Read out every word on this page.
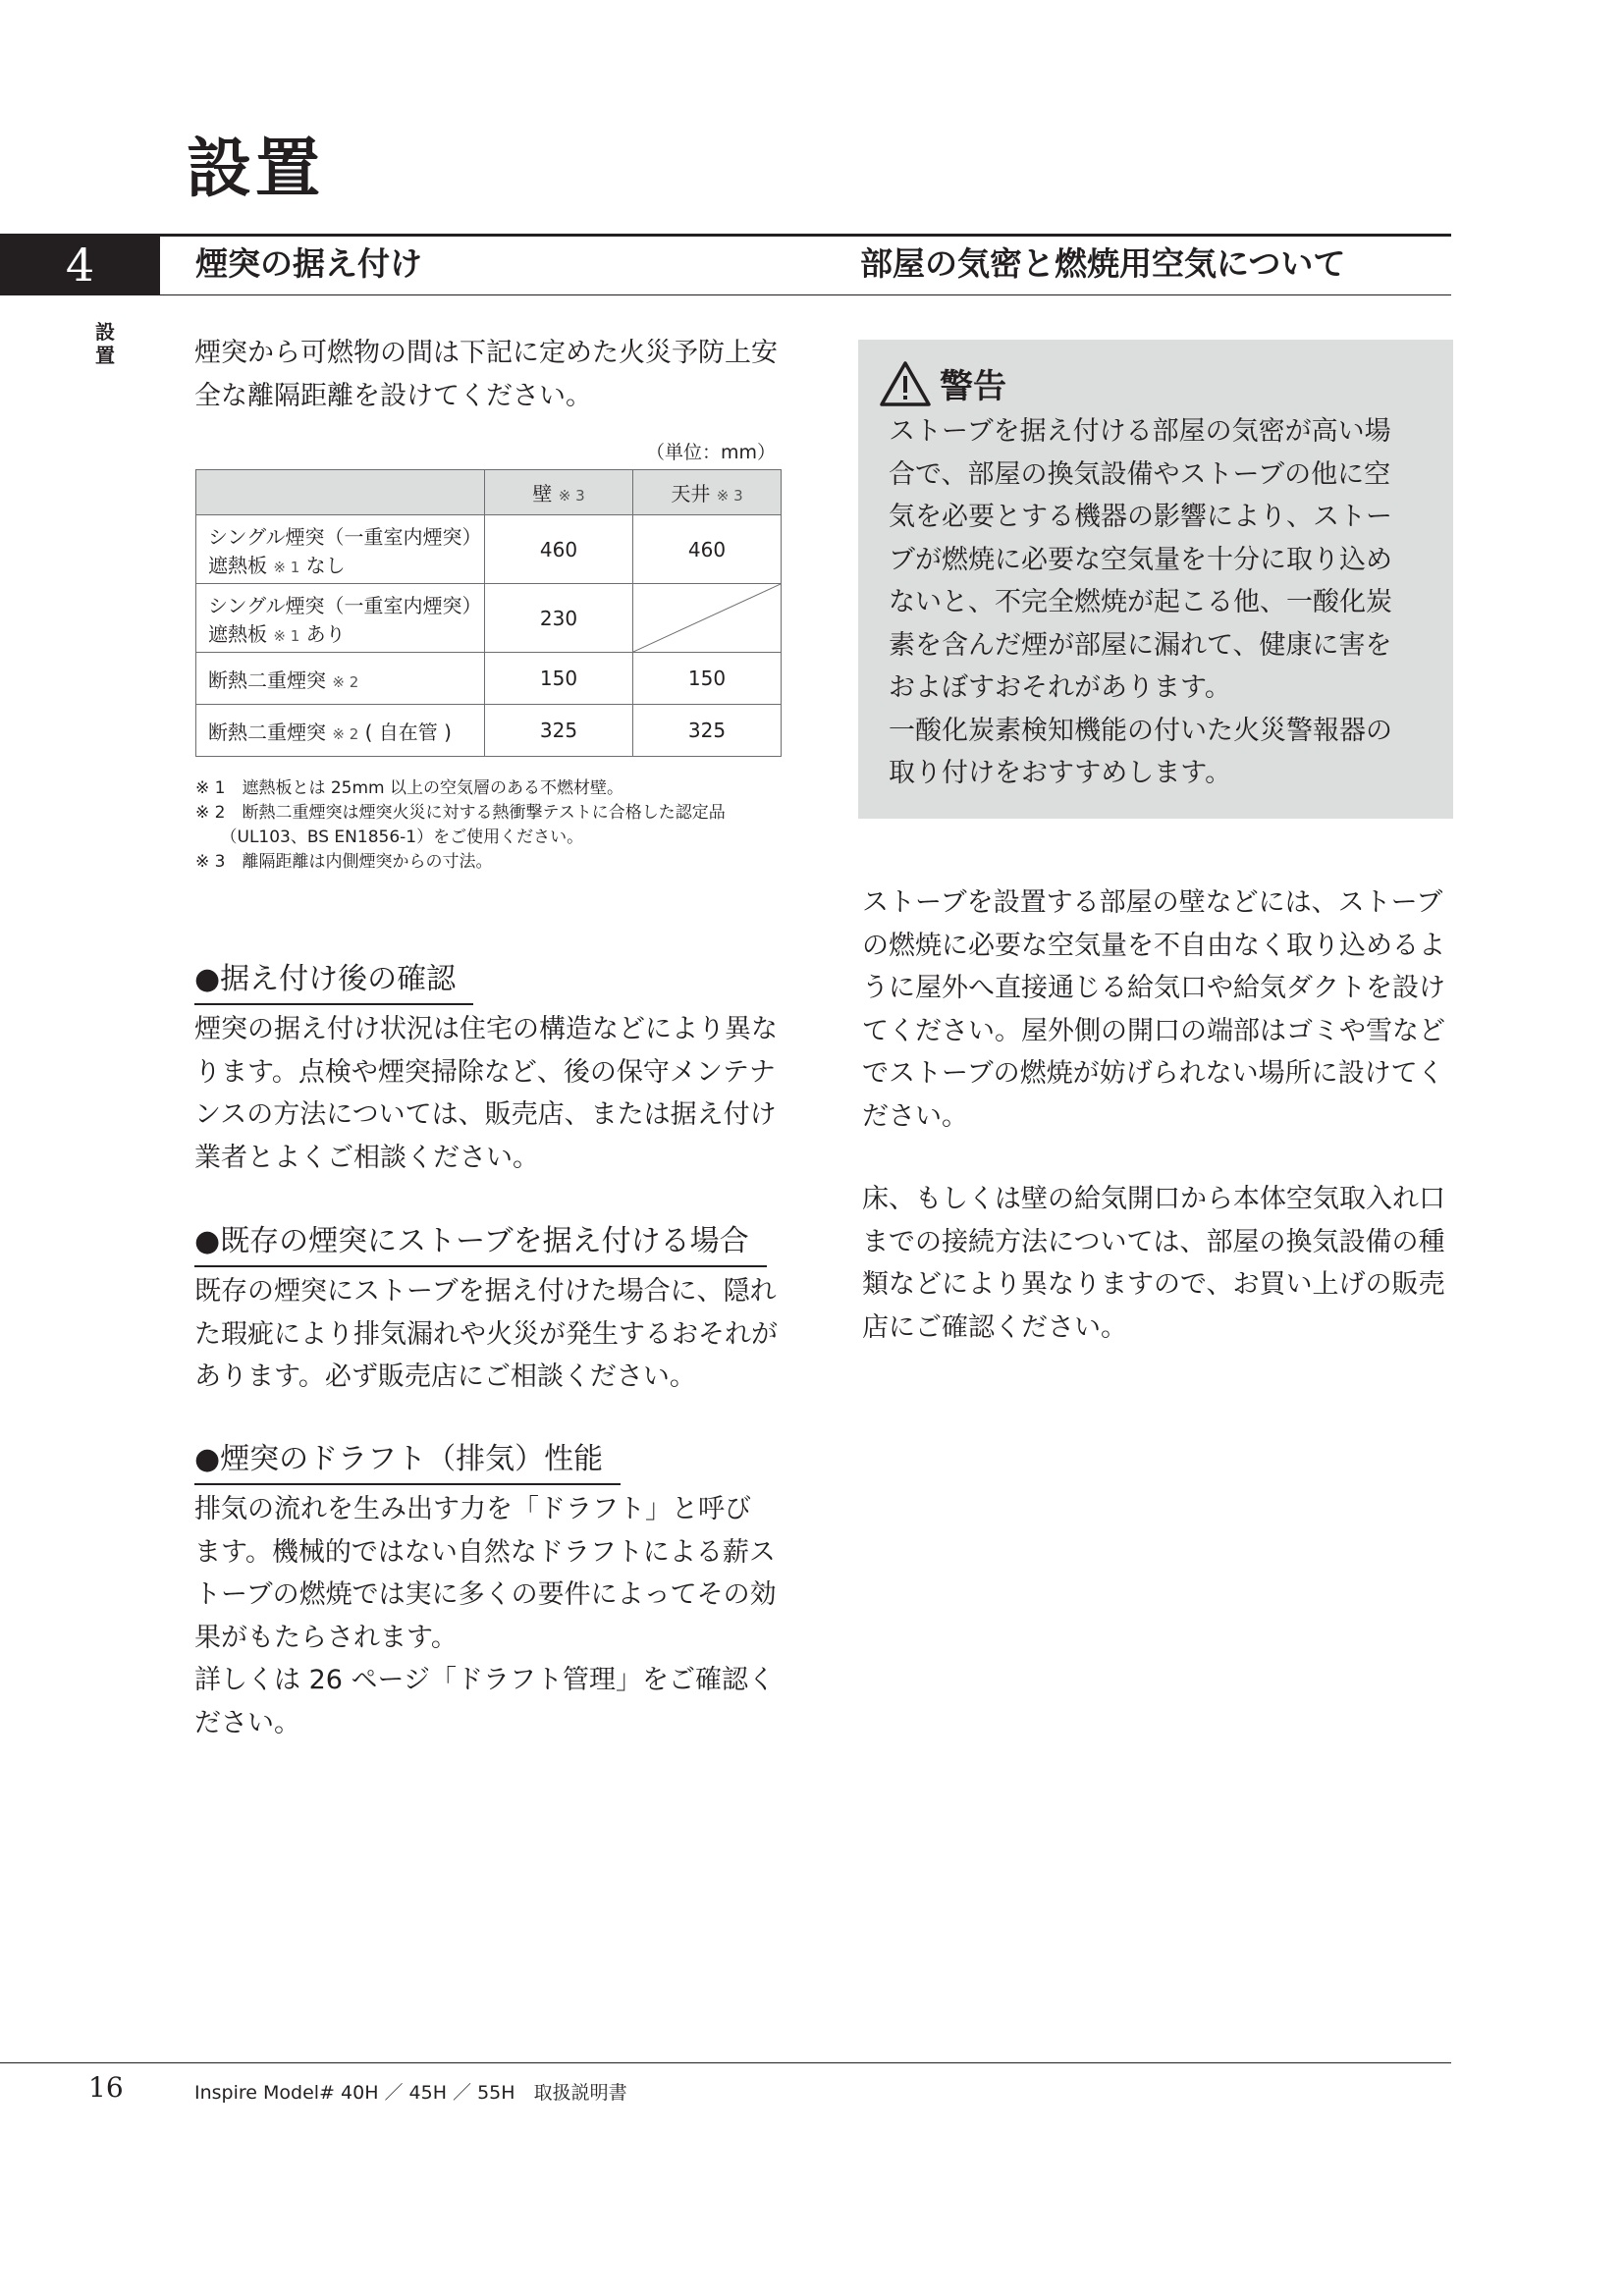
設置
4	煙突の据え付け	部屋の気密と燃焼用空気について
設置	煙突から可燃物の間は下記に定めた火災予防上安
全な離隔距離を設けてください。
（単位：mm）
	壁 ※ 3	天井 ※ 3

シングル煙突（一重室内煙突）
遮熱板 ※ 1 なし	460	460

シングル煙突（一重室内煙突）
遮熱板 ※ 1 あり	230	

断熱二重煙突 ※ 2	150	150
断熱二重煙突 ※ 2 ( 自在管 )	325	325
※ 1　遮熱板とは 25mm 以上の空気層のある不燃材壁。
※ 2　断熱二重煙突は煙突火災に対する熱衝撃テストに合格した認定品
　　（UL103、BS EN1856-1）をご使用ください。
※ 3　離隔距離は内側煙突からの寸法。
●据え付け後の確認
煙突の据え付け状況は住宅の構造などにより異な
ります。点検や煙突掃除など、後の保守メンテナ
ンスの方法については、販売店、または据え付け
業者とよくご相談ください。
●既存の煙突にストーブを据え付ける場合
既存の煙突にストーブを据え付けた場合に、隠れ
た瑕疵により排気漏れや火災が発生するおそれが
あります。必ず販売店にご相談ください。
●煙突のドラフト（排気）性能
排気の流れを生み出す力を「ドラフト」と呼び
ます。機械的ではない自然なドラフトによる薪ス
トーブの燃焼では実に多くの要件によってその効
果がもたらされます。
詳しくは 26 ページ「ドラフト管理」をご確認く
ださい。
警告
ストーブを据え付ける部屋の気密が高い場
合で、部屋の換気設備やストーブの他に空
気を必要とする機器の影響により、ストー
ブが燃焼に必要な空気量を十分に取り込め
ないと、不完全燃焼が起こる他、一酸化炭
素を含んだ煙が部屋に漏れて、健康に害を
およぼすおそれがあります。
一酸化炭素検知機能の付いた火災警報器の
取り付けをおすすめします。
ストーブを設置する部屋の壁などには、ストーブ
の燃焼に必要な空気量を不自由なく取り込めるよ
うに屋外へ直接通じる給気口や給気ダクトを設け
てください。屋外側の開口の端部はゴミや雪など
でストーブの燃焼が妨げられない場所に設けてく
ださい。
床、もしくは壁の給気開口から本体空気取入れ口
までの接続方法については、部屋の換気設備の種
類などにより異なりますので、お買い上げの販売
店にご確認ください。
16	Inspire Model# 40H ／ 45H ／ 55H　取扱説明書
